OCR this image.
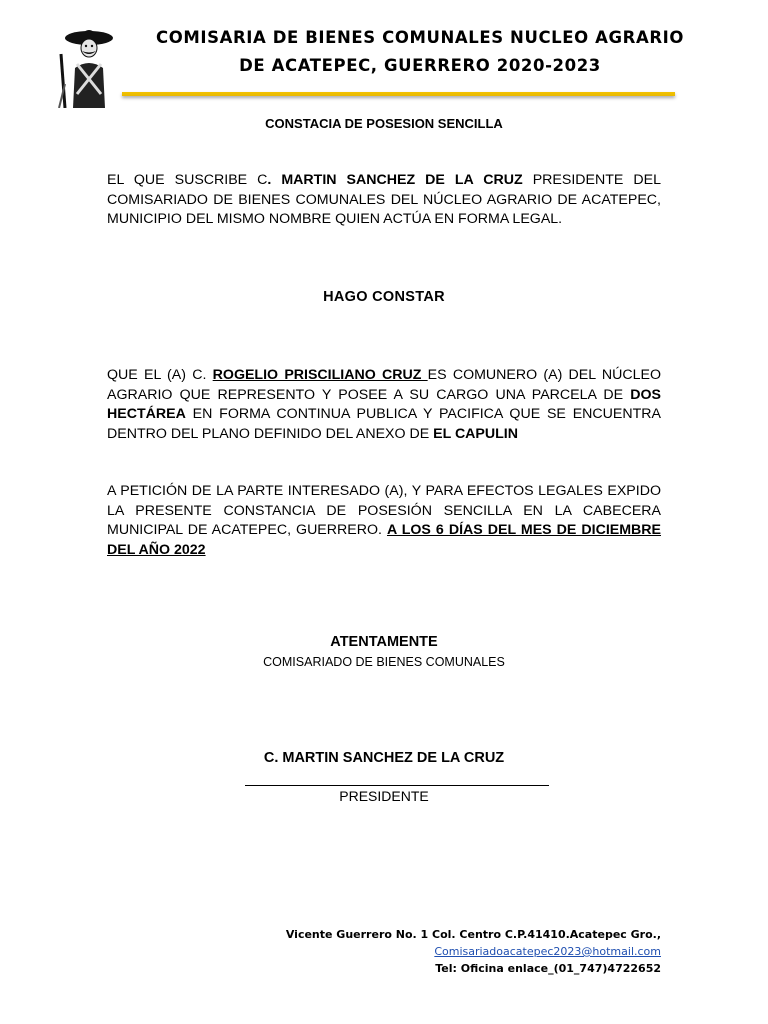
COMISARIA DE BIENES COMUNALES NUCLEO AGRARIO
DE ACATEPEC, GUERRERO 2020-2023
CONSTACIA DE POSESION SENCILLA
EL QUE SUSCRIBE C. MARTIN SANCHEZ DE LA CRUZ PRESIDENTE DEL COMISARIADO DE BIENES COMUNALES DEL NÚCLEO AGRARIO DE ACATEPEC, MUNICIPIO DEL MISMO NOMBRE QUIEN ACTÚA EN FORMA LEGAL.
HAGO CONSTAR
QUE EL (A) C. ROGELIO PRISCILIANO CRUZ ES COMUNERO (A) DEL NÚCLEO AGRARIO QUE REPRESENTO Y POSEE A SU CARGO UNA PARCELA DE DOS HECTÁREA EN FORMA CONTINUA PUBLICA Y PACIFICA QUE SE ENCUENTRA DENTRO DEL PLANO DEFINIDO DEL ANEXO DE EL CAPULIN
A PETICIÓN DE LA PARTE INTERESADO (A), Y PARA EFECTOS LEGALES EXPIDO LA PRESENTE CONSTANCIA DE POSESIÓN SENCILLA EN LA CABECERA MUNICIPAL DE ACATEPEC, GUERRERO. A LOS 6 DÍAS DEL MES DE DICIEMBRE DEL AÑO 2022
ATENTAMENTE
COMISARIADO DE BIENES COMUNALES
C. MARTIN SANCHEZ DE LA CRUZ
PRESIDENTE
Vicente Guerrero No. 1 Col. Centro C.P.41410.Acatepec Gro.,
Comisariadoacatepec2023@hotmail.com
Tel: Oficina enlace_(01_747)4722652
